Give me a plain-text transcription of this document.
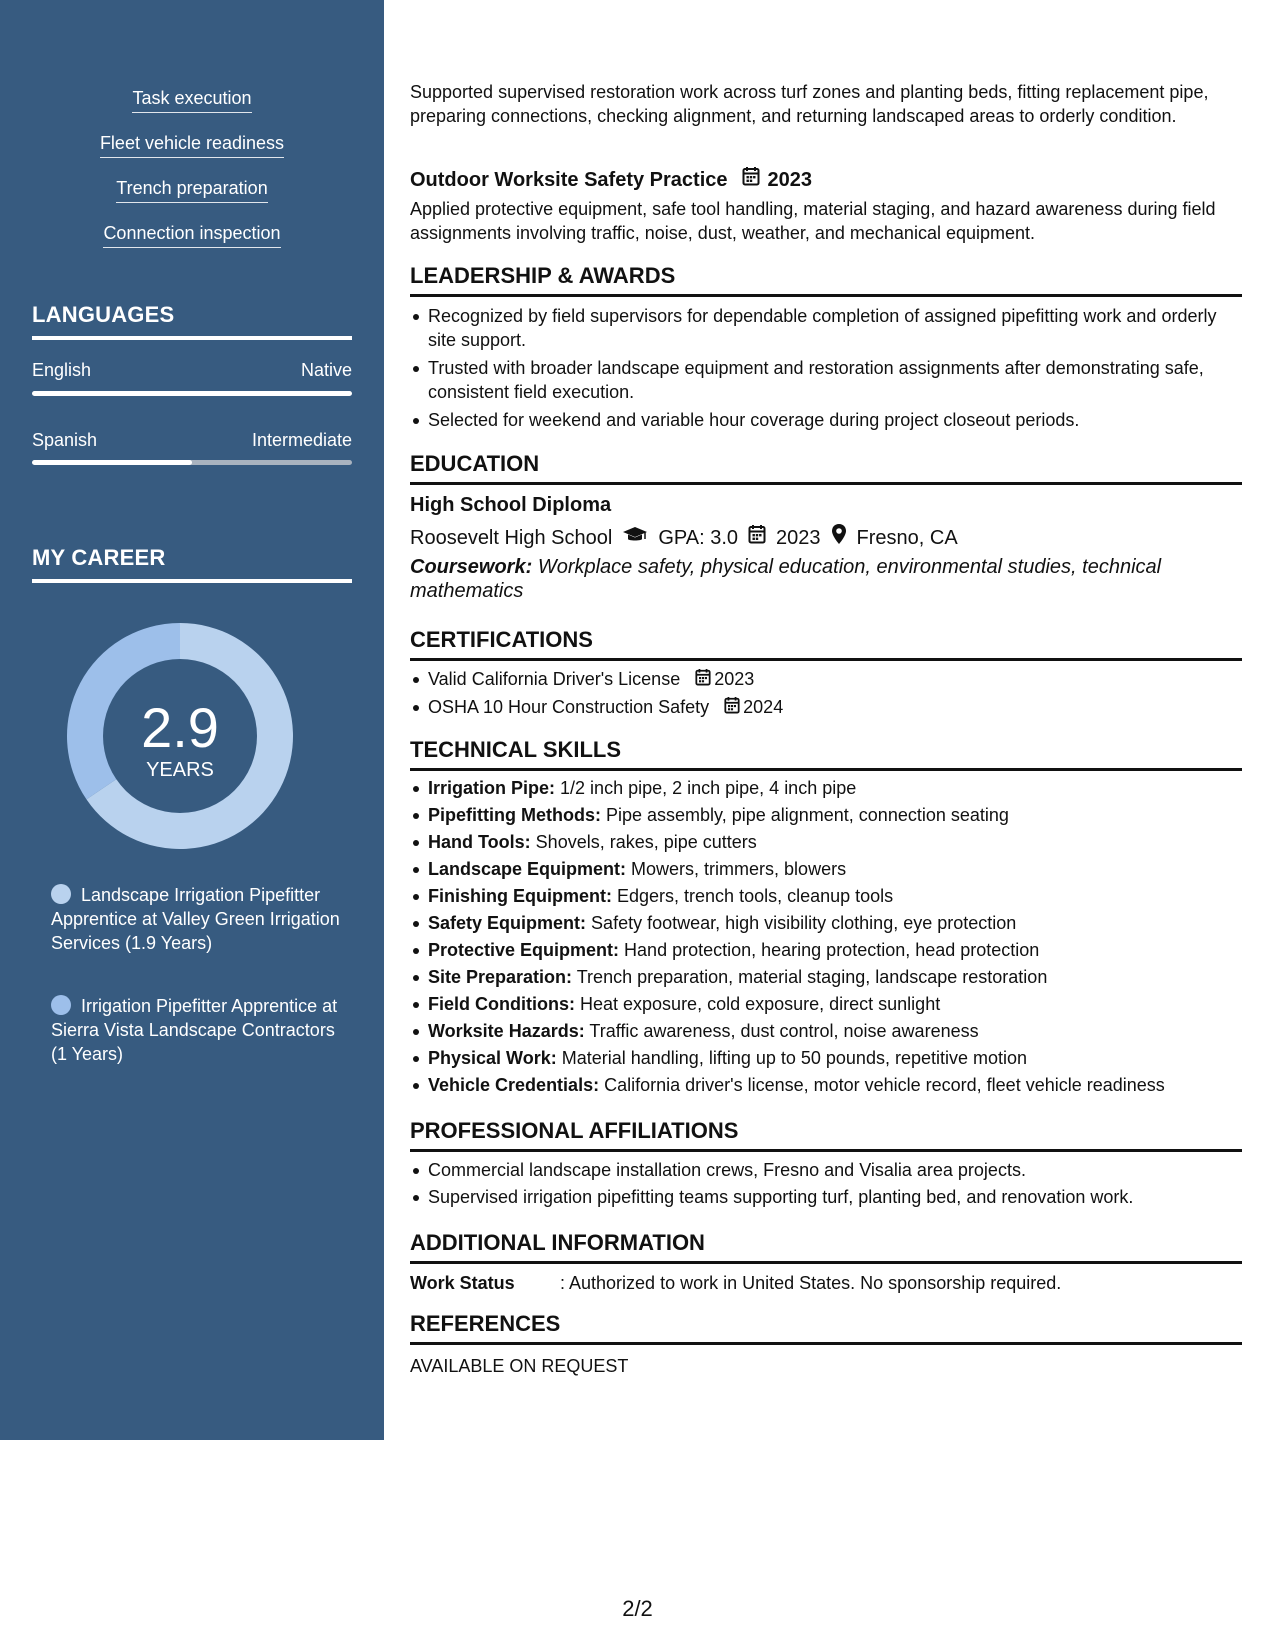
Task execution
Fleet vehicle readiness
Trench preparation
Connection inspection
LANGUAGES
English	Native
Spanish	Intermediate
MY CAREER
2.9
YEARS
Landscape Irrigation Pipefitter Apprentice at Valley Green Irrigation Services (1.9 Years)
Irrigation Pipefitter Apprentice at Sierra Vista Landscape Contractors (1 Years)
Supported supervised restoration work across turf zones and planting beds, fitting replacement pipe, preparing connections, checking alignment, and returning landscaped areas to orderly condition.
Outdoor Worksite Safety Practice 2023
Applied protective equipment, safe tool handling, material staging, and hazard awareness during field assignments involving traffic, noise, dust, weather, and mechanical equipment.
LEADERSHIP & AWARDS
Recognized by field supervisors for dependable completion of assigned pipefitting work and orderly site support.
Trusted with broader landscape equipment and restoration assignments after demonstrating safe, consistent field execution.
Selected for weekend and variable hour coverage during project closeout periods.
EDUCATION
High School Diploma
Roosevelt High School GPA: 3.0 2023 Fresno, CA
Coursework: Workplace safety, physical education, environmental studies, technical mathematics
CERTIFICATIONS
Valid California Driver's License 2023
OSHA 10 Hour Construction Safety 2024
TECHNICAL SKILLS
Irrigation Pipe: 1/2 inch pipe, 2 inch pipe, 4 inch pipe
Pipefitting Methods: Pipe assembly, pipe alignment, connection seating
Hand Tools: Shovels, rakes, pipe cutters
Landscape Equipment: Mowers, trimmers, blowers
Finishing Equipment: Edgers, trench tools, cleanup tools
Safety Equipment: Safety footwear, high visibility clothing, eye protection
Protective Equipment: Hand protection, hearing protection, head protection
Site Preparation: Trench preparation, material staging, landscape restoration
Field Conditions: Heat exposure, cold exposure, direct sunlight
Worksite Hazards: Traffic awareness, dust control, noise awareness
Physical Work: Material handling, lifting up to 50 pounds, repetitive motion
Vehicle Credentials: California driver's license, motor vehicle record, fleet vehicle readiness
PROFESSIONAL AFFILIATIONS
Commercial landscape installation crews, Fresno and Visalia area projects.
Supervised irrigation pipefitting teams supporting turf, planting bed, and renovation work.
ADDITIONAL INFORMATION
Work Status	: Authorized to work in United States. No sponsorship required.
REFERENCES
AVAILABLE ON REQUEST
2/2
